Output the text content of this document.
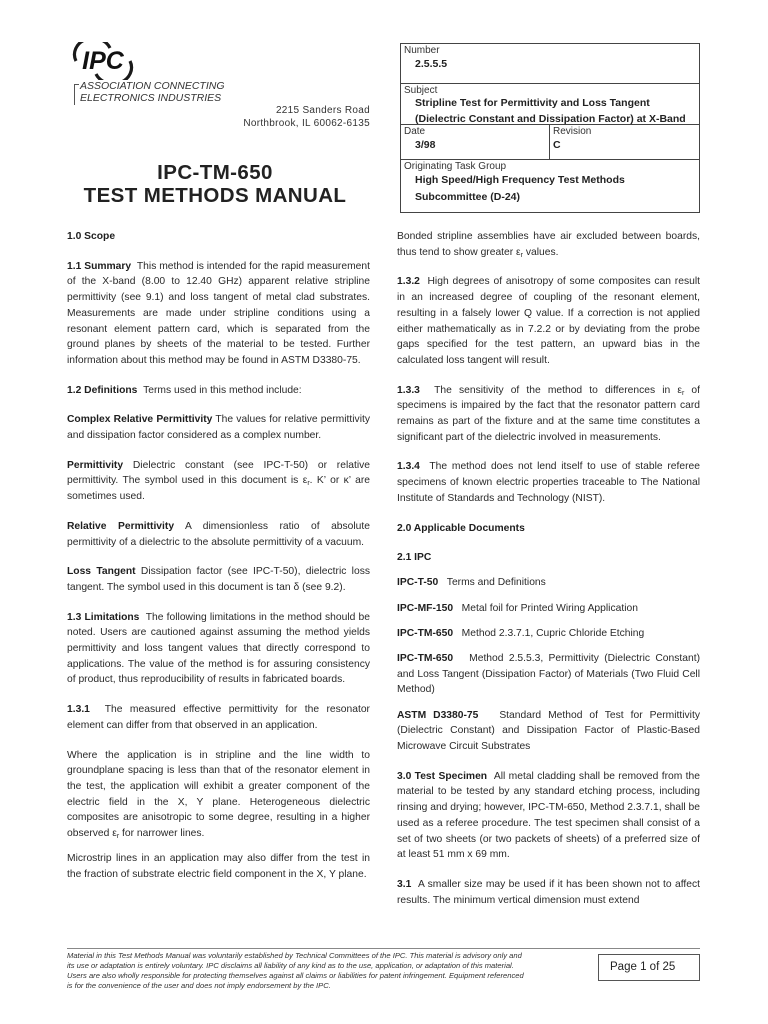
IPC
ASSOCIATION CONNECTING
ELECTRONICS INDUSTRIES
2215 Sanders Road
Northbrook, IL 60062-6135
IPC-TM-650
TEST METHODS MANUAL
Number
2.5.5.5
Subject
Stripline Test for Permittivity and Loss Tangent
(Dielectric Constant and Dissipation Factor) at X-Band
Date
3/98
Revision
C
Originating Task Group
High Speed/High Frequency Test Methods
Subcommittee (D-24)

1.0 Scope

1.1 Summary This method is intended for the rapid measurement of the X-band (8.00 to 12.40 GHz) apparent relative stripline permittivity (see 9.1) and loss tangent of metal clad substrates. Measurements are made under stripline conditions using a resonant element pattern card, which is separated from the ground planes by sheets of the material to be tested. Further information about this method may be found in ASTM D3380-75.

1.2 Definitions Terms used in this method include:

Complex Relative Permittivity The values for relative permittivity and dissipation factor considered as a complex number.

Permittivity Dielectric constant (see IPC-T-50) or relative permittivity. The symbol used in this document is $\varepsilon_r$. K’ or κ’ are sometimes used.

Relative Permittivity A dimensionless ratio of absolute permittivity of a dielectric to the absolute permittivity of a vacuum.

Loss Tangent Dissipation factor (see IPC-T-50), dielectric loss tangent. The symbol used in this document is tan δ (see 9.2).

1.3 Limitations The following limitations in the method should be noted. Users are cautioned against assuming the method yields permittivity and loss tangent values that directly correspond to applications. The value of the method is for assuring consistency of product, thus reproducibility of results in fabricated boards.

1.3.1 The measured effective permittivity for the resonator element can differ from that observed in an application.

Where the application is in stripline and the line width to groundplane spacing is less than that of the resonator element in the test, the application will exhibit a greater component of the electric field in the X, Y plane. Heterogeneous dielectric composites are anisotropic to some degree, resulting in a higher observed $\varepsilon_r$ for narrower lines.

Microstrip lines in an application may also differ from the test in the fraction of substrate electric field component in the X, Y plane.

Bonded stripline assemblies have air excluded between boards, thus tend to show greater $\varepsilon_r$ values.

1.3.2 High degrees of anisotropy of some composites can result in an increased degree of coupling of the resonant element, resulting in a falsely lower Q value. If a correction is not applied either mathematically as in 7.2.2 or by deviating from the probe gaps specified for the test pattern, an upward bias in the calculated loss tangent will result.

1.3.3 The sensitivity of the method to differences in $\varepsilon_r$ of specimens is impaired by the fact that the resonator pattern card remains as part of the fixture and at the same time constitutes a significant part of the dielectric involved in measurements.

1.3.4 The method does not lend itself to use of stable referee specimens of known electric properties traceable to The National Institute of Standards and Technology (NIST).

2.0 Applicable Documents

2.1 IPC

IPC-T-50 Terms and Definitions

IPC-MF-150 Metal foil for Printed Wiring Application

IPC-TM-650 Method 2.3.7.1, Cupric Chloride Etching

IPC-TM-650 Method 2.5.5.3, Permittivity (Dielectric Constant) and Loss Tangent (Dissipation Factor) of Materials (Two Fluid Cell Method)

ASTM D3380-75 Standard Method of Test for Permittivity (Dielectric Constant) and Dissipation Factor of Plastic-Based Microwave Circuit Substrates

3.0 Test Specimen All metal cladding shall be removed from the material to be tested by any standard etching process, including rinsing and drying; however, IPC-TM-650, Method 2.3.7.1, shall be used as a referee procedure. The test specimen shall consist of a set of two sheets (or two packets of sheets) of a preferred size of at least 51 mm x 69 mm.

3.1 A smaller size may be used if it has been shown not to affect results. The minimum vertical dimension must extend

Material in this Test Methods Manual was voluntarily established by Technical Committees of the IPC. This material is advisory only and its use or adaptation is entirely voluntary. IPC disclaims all liability of any kind as to the use, application, or adaptation of this material. Users are also wholly responsible for protecting themselves against all claims or liabilities for patent infringement. Equipment referenced is for the convenience of the user and does not imply endorsement by the IPC.
Page 1 of 25
